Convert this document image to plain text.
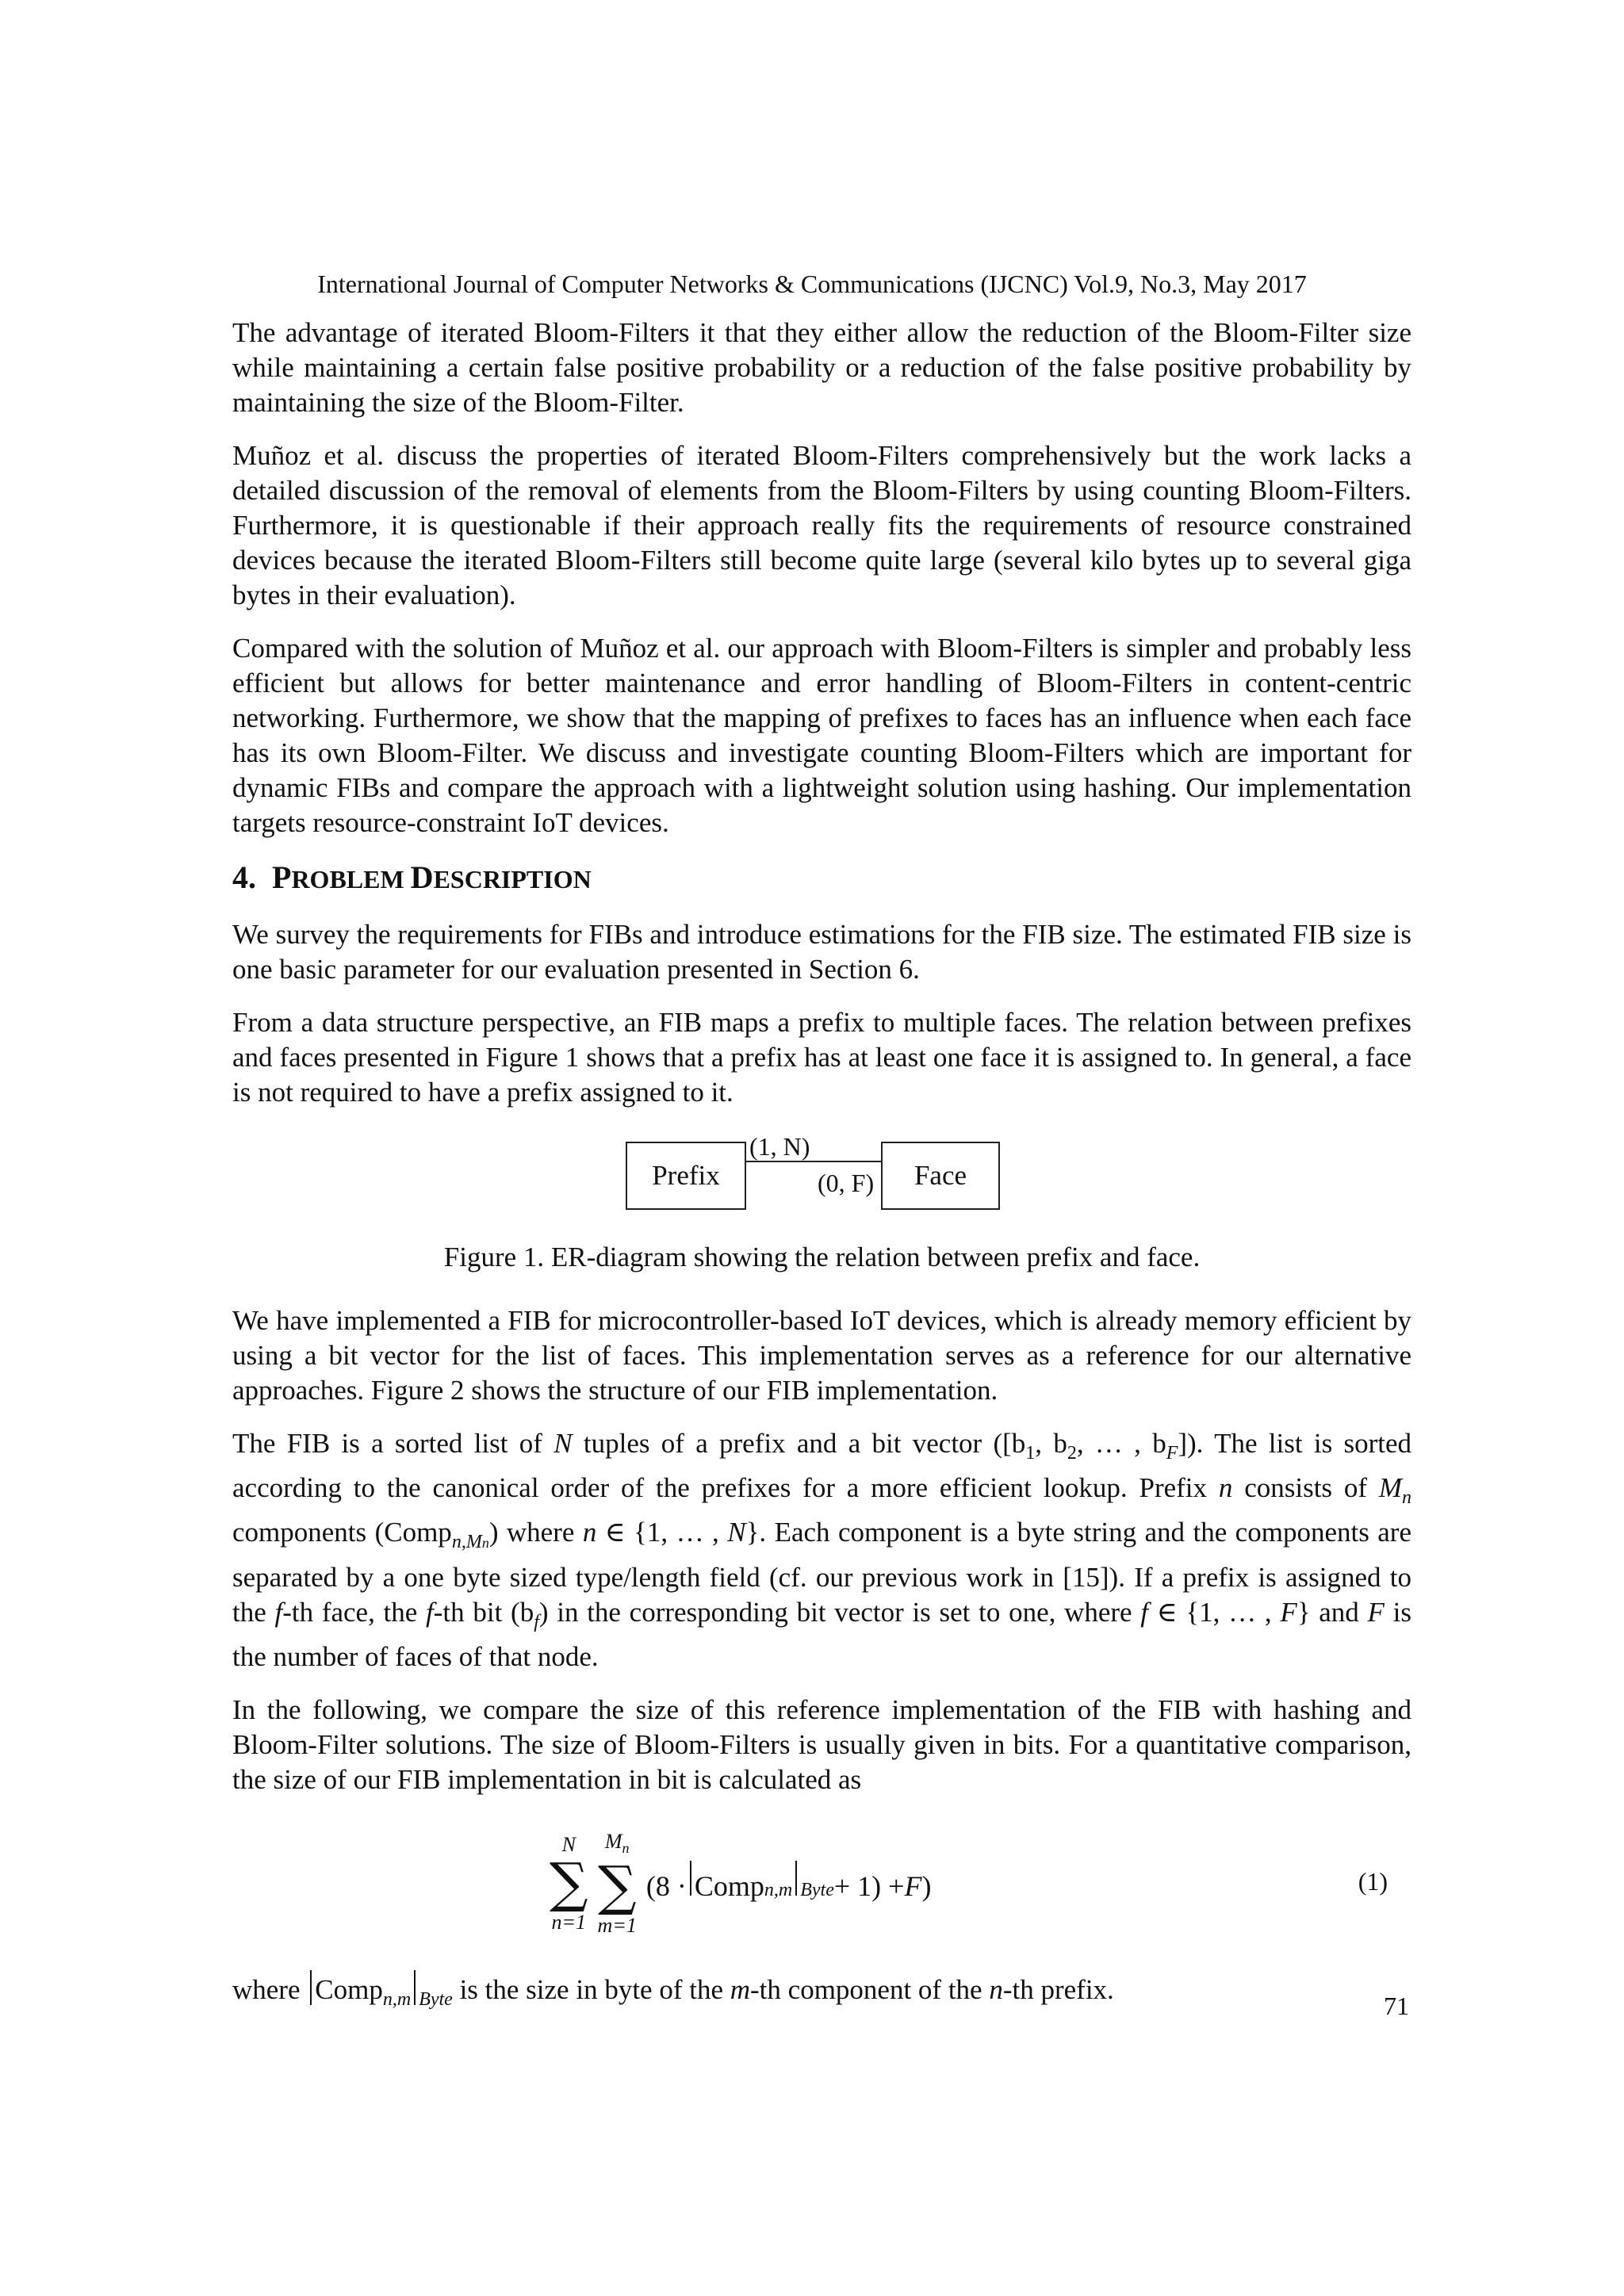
International Journal of Computer Networks & Communications (IJCNC) Vol.9, No.3, May 2017

The advantage of iterated Bloom-Filters it that they either allow the reduction of the Bloom-Filter size while maintaining a certain false positive probability or a reduction of the false positive probability by maintaining the size of the Bloom-Filter.

Muñoz et al. discuss the properties of iterated Bloom-Filters comprehensively but the work lacks a detailed discussion of the removal of elements from the Bloom-Filters by using counting Bloom-Filters. Furthermore, it is questionable if their approach really fits the requirements of resource constrained devices because the iterated Bloom-Filters still become quite large (several kilo bytes up to several giga bytes in their evaluation).

Compared with the solution of Muñoz et al. our approach with Bloom-Filters is simpler and probably less efficient but allows for better maintenance and error handling of Bloom-Filters in content-centric networking. Furthermore, we show that the mapping of prefixes to faces has an influence when each face has its own Bloom-Filter. We discuss and investigate counting Bloom-Filters which are important for dynamic FIBs and compare the approach with a lightweight solution using hashing. Our implementation targets resource-constraint IoT devices.

4. PROBLEM DESCRIPTION

We survey the requirements for FIBs and introduce estimations for the FIB size. The estimated FIB size is one basic parameter for our evaluation presented in Section 6.

From a data structure perspective, an FIB maps a prefix to multiple faces. The relation between prefixes and faces presented in Figure 1 shows that a prefix has at least one face it is assigned to. In general, a face is not required to have a prefix assigned to it.

Prefix	Face
(1, N)
(0, F)
Figure 1. ER-diagram showing the relation between prefix and face.

We have implemented a FIB for microcontroller-based IoT devices, which is already memory efficient by using a bit vector for the list of faces. This implementation serves as a reference for our alternative approaches. Figure 2 shows the structure of our FIB implementation.

The FIB is a sorted list of N tuples of a prefix and a bit vector ([$b_1$, $b_2$, … , $b_F$]). The list is sorted according to the canonical order of the prefixes for a more efficient lookup. Prefix n consists of $M_n$ components (Comp$_{n,Mn}$) where n ∈ {1, … , N}. Each component is a byte string and the components are separated by a one byte sized type/length field (cf. our previous work in [15]). If a prefix is assigned to the f-th face, the f-th bit $(b_f)$ in the corresponding bit vector is set to one, where f ∈ {1, … , F} and F is the number of faces of that node.

In the following, we compare the size of this reference implementation of the FIB with hashing and Bloom-Filter solutions. The size of Bloom-Filters is usually given in bits. For a quantitative comparison, the size of our FIB implementation in bit is calculated as

N
∑
n=1
$M_n$
∑
m=1
(8 · Comp n,m Byte + 1) + F )	(1)

where Comp$_{n,m}$ $_{Byte}$ is the size in byte of the m-th component of the n-th prefix.

71
